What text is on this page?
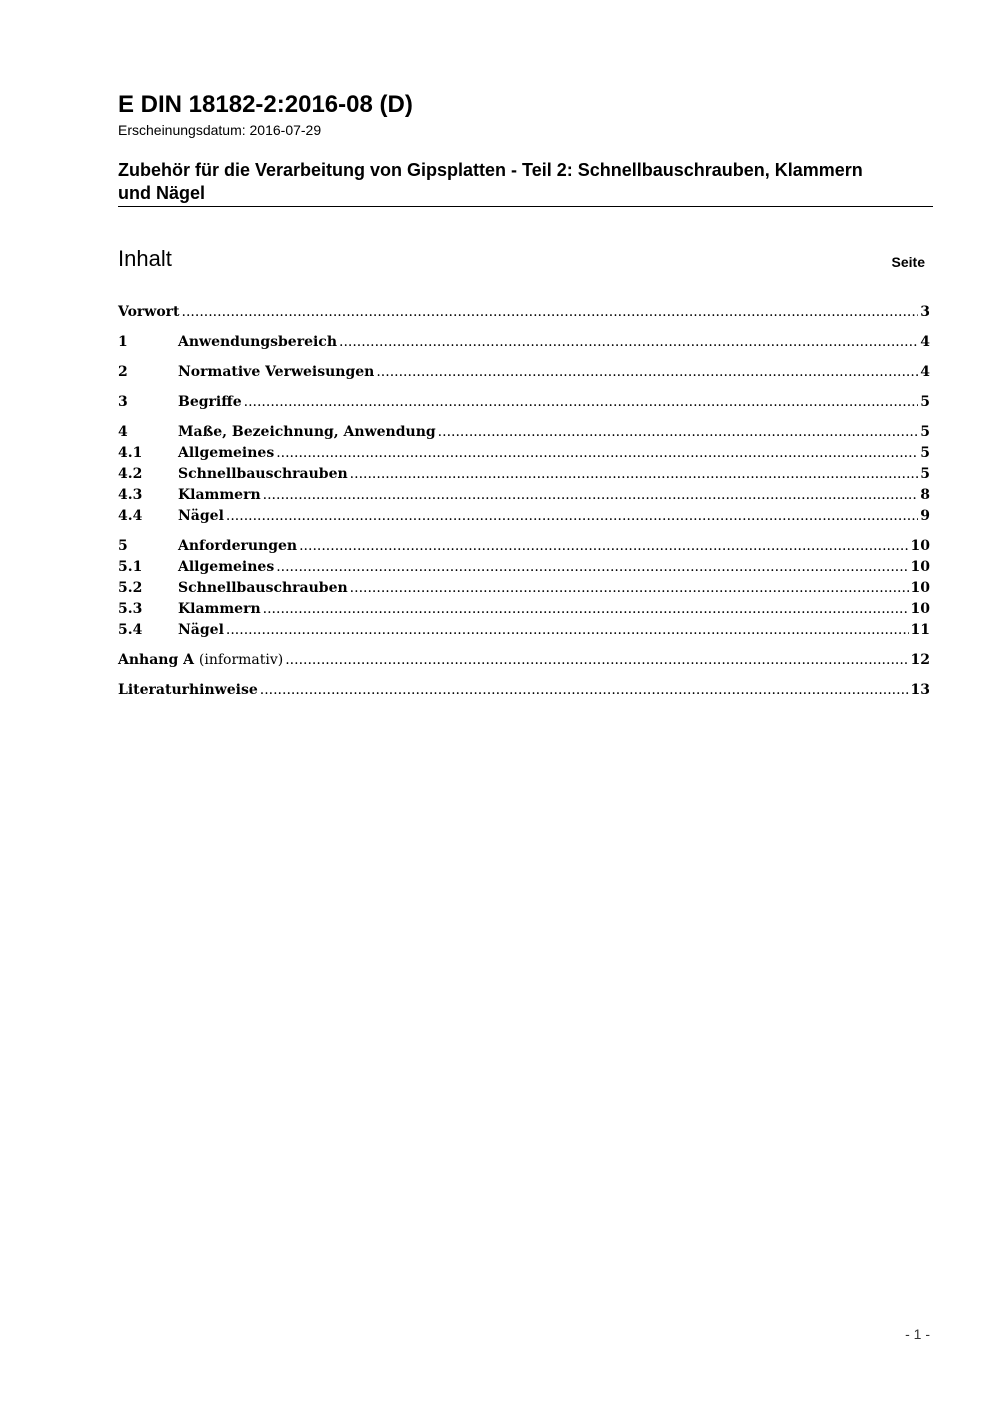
E DIN 18182-2:2016-08 (D)
Erscheinungsdatum: 2016-07-29
Zubehör für die Verarbeitung von Gipsplatten - Teil 2: Schnellbauschrauben, Klammern und Nägel
Inhalt	Seite
Vorwort .....	3
1	Anwendungsbereich .....	4
2	Normative Verweisungen .....	4
3	Begriffe .....	5
4	Maße, Bezeichnung, Anwendung .....	5
4.1	Allgemeines .....	5
4.2	Schnellbauschrauben .....	5
4.3	Klammern .....	8
4.4	Nägel .....	9
5	Anforderungen .....	10
5.1	Allgemeines .....	10
5.2	Schnellbauschrauben .....	10
5.3	Klammern .....	10
5.4	Nägel .....	11
Anhang A (informativ) .....	12
Literaturhinweise .....	13
- 1 -
